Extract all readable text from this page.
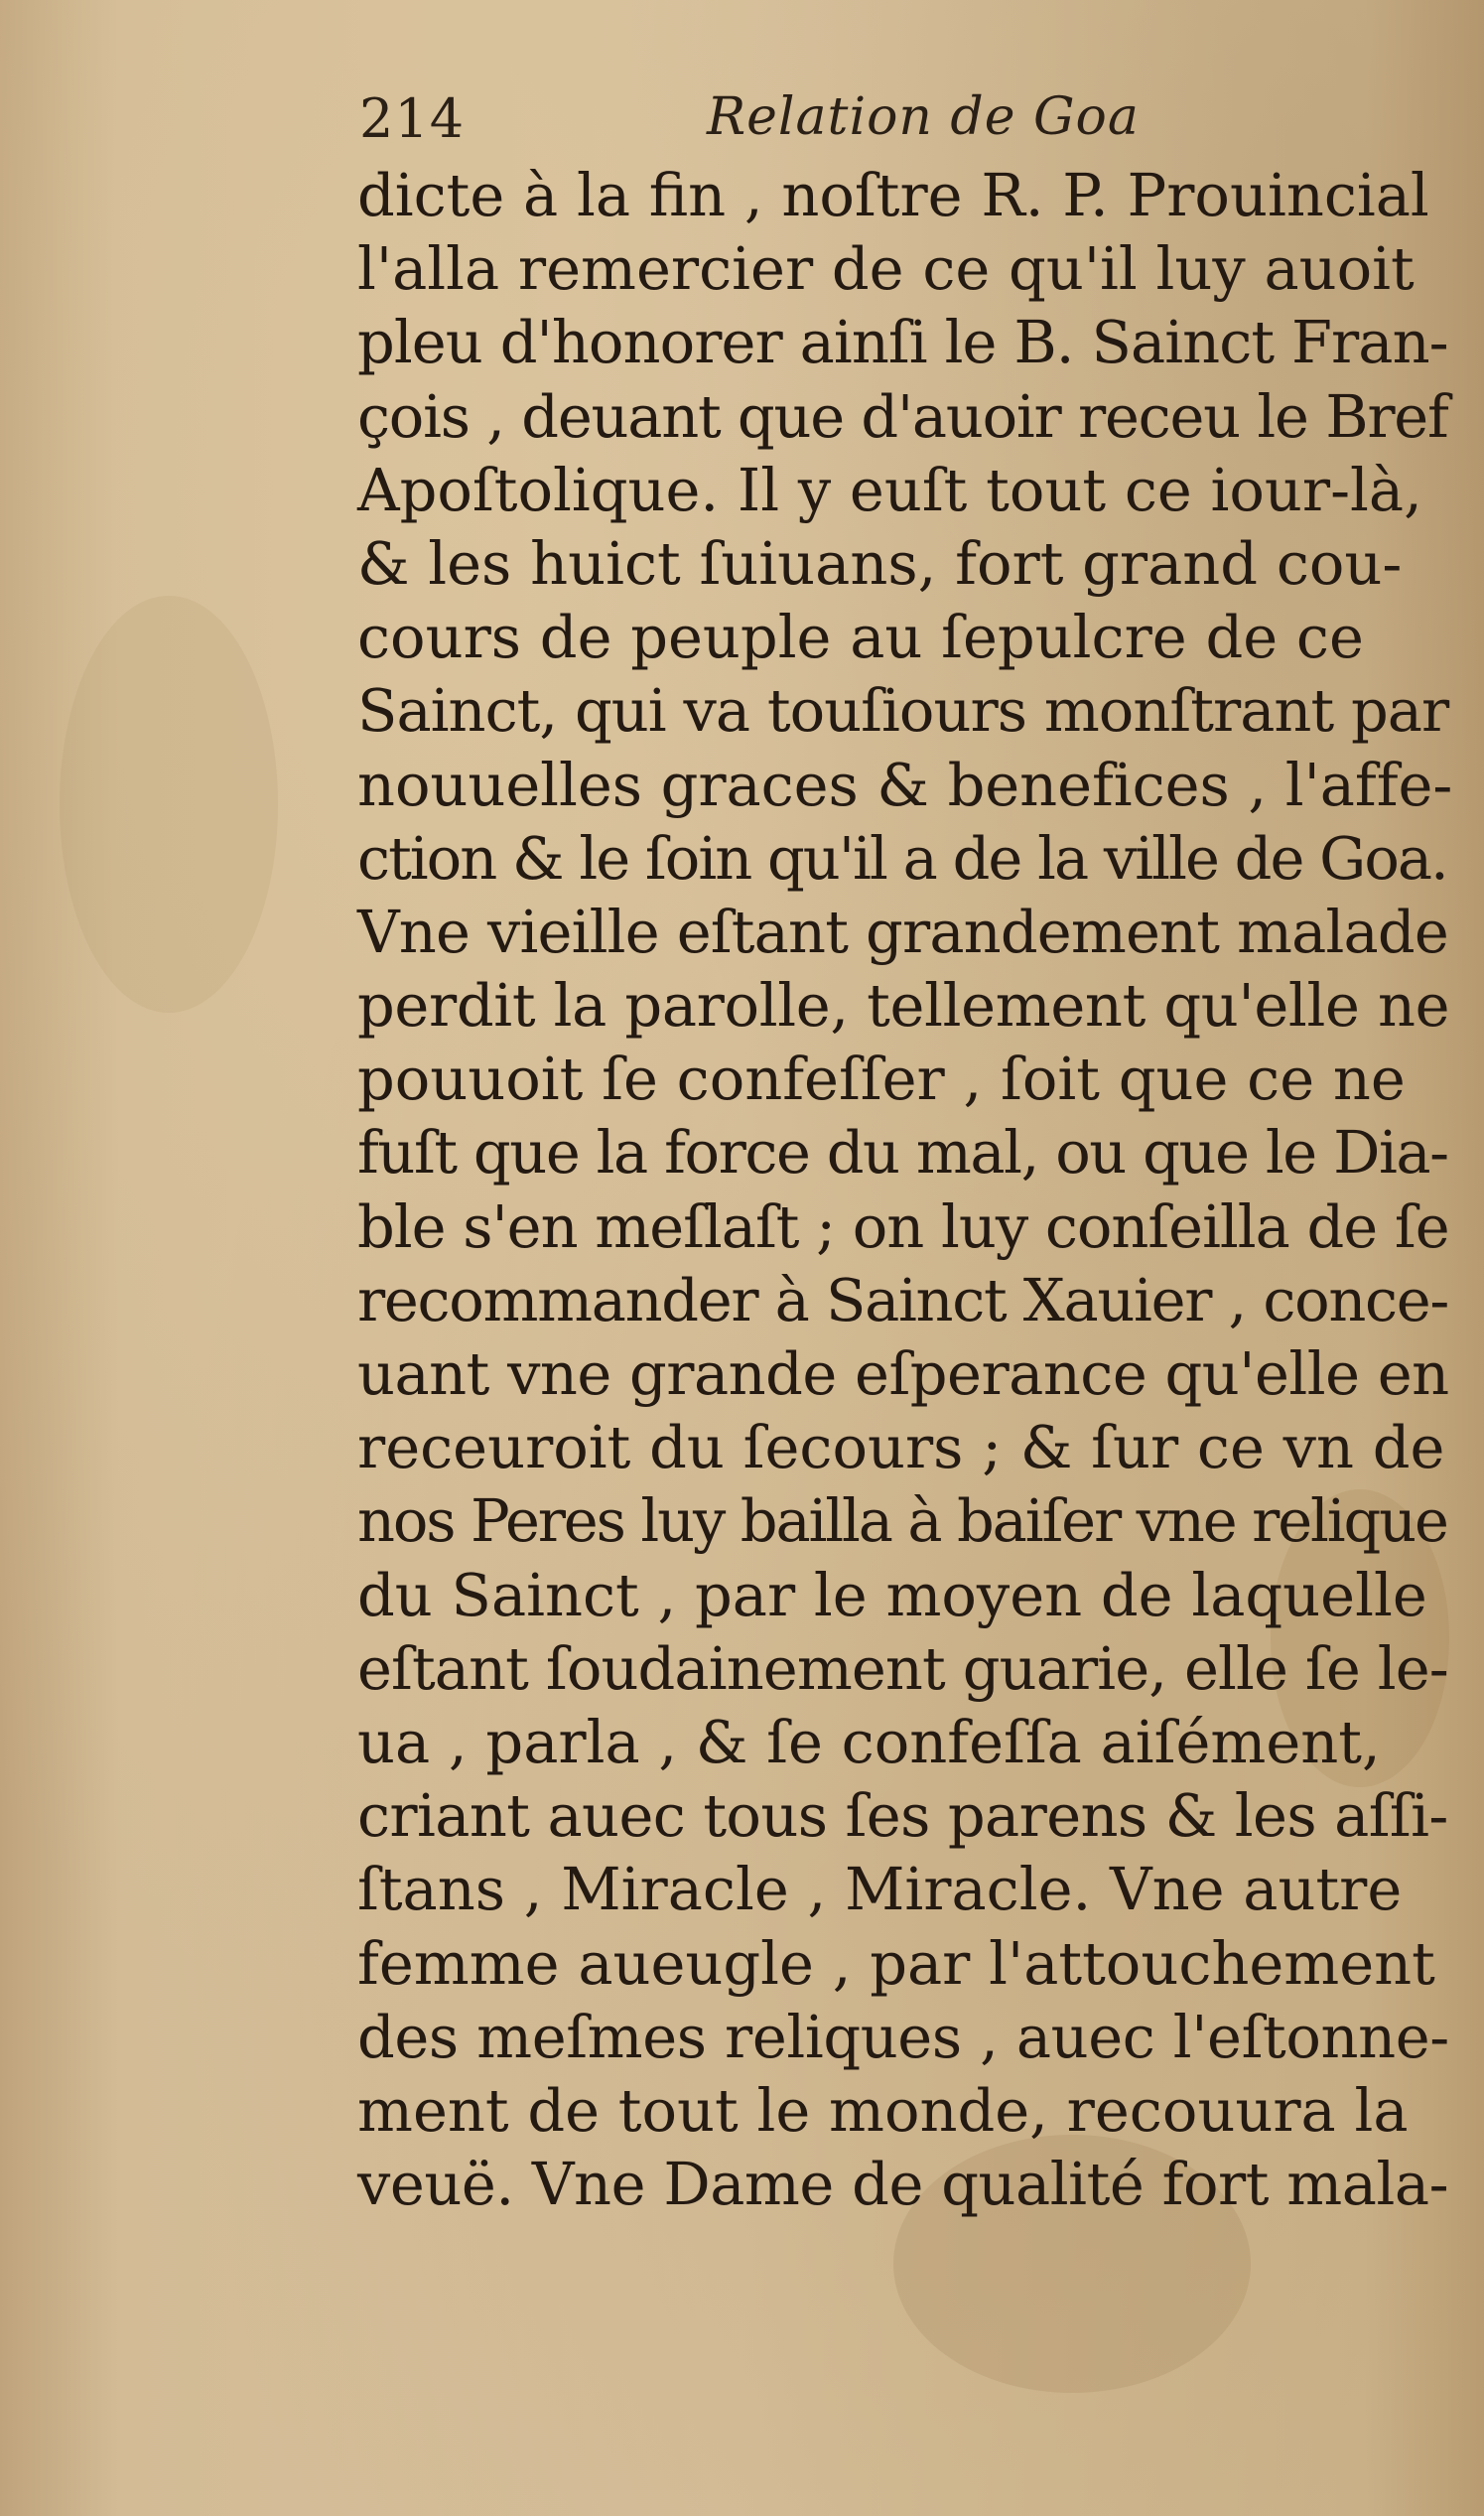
214	Relation de Goa
dicte à la fin , noſtre R. P. Prouincial
l'alla remercier de ce qu'il luy auoit
pleu d'honorer ainſi le B. Sainct Fran-
çois , deuant que d'auoir receu le Bref
Apoſtolique. Il y euſt tout ce iour-là,
& les huict ſuiuans, fort grand cou-
cours de peuple au ſepulcre de ce
Sainct, qui va touſiours monſtrant par
nouuelles graces & benefices , l'affe-
ction & le ſoin qu'il a de la ville de Goa.
Vne vieille eſtant grandement malade
perdit la parolle, tellement qu'elle ne
pouuoit ſe confeſſer , ſoit que ce ne
fuſt que la force du mal, ou que le Dia-
ble s'en meſlaſt ; on luy conſeilla de ſe
recommander à Sainct Xauier , conce-
uant vne grande eſperance qu'elle en
receuroit du ſecours ; & ſur ce vn de
nos Peres luy bailla à baiſer vne relique
du Sainct , par le moyen de laquelle
eſtant ſoudainement guarie, elle ſe le-
ua , parla , & ſe confeſſa aiſément,
criant auec tous ſes parens & les aſſi-
ſtans , Miracle , Miracle. Vne autre
femme aueugle , par l'attouchement
des meſmes reliques , auec l'eſtonne-
ment de tout le monde, recouura la
veuë. Vne Dame de qualité fort mala-
